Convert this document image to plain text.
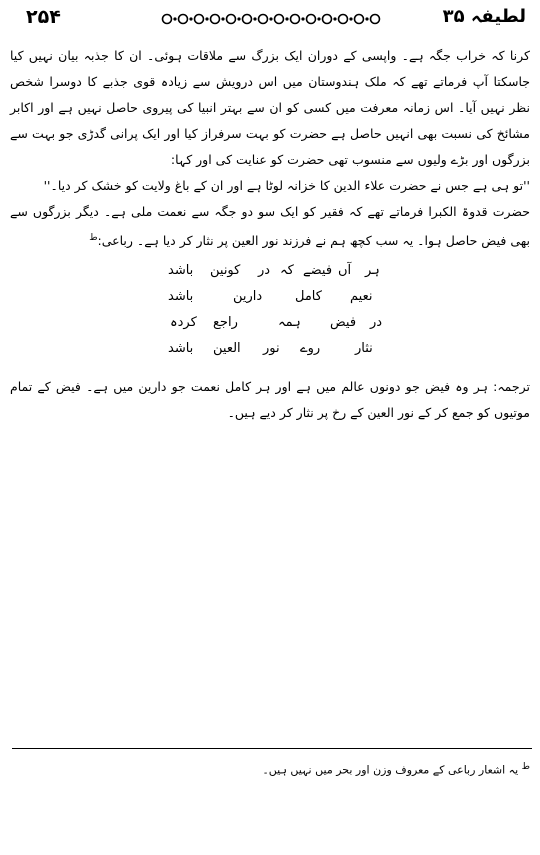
۲۵۴	لطیفہ ۳۵

کرنا کہ خراب جگہ ہے۔ واپسی کے دوران ایک بزرگ سے ملاقات ہوئی۔ ان کا جذبہ بیان نہیں کیا جاسکتا آپ فرماتے تھے کہ ملک ہندوستان میں اس درویش سے زیادہ قوی جذبے کا دوسرا شخص نظر نہیں آیا۔ اس زمانہ معرفت میں کسی کو ان سے بہتر انبیا کی پیروی حاصل نہیں ہے اور اکابر مشائخ کی نسبت بھی انہیں حاصل ہے حضرت کو بہت سرفراز کیا اور ایک پرانی گدڑی جو بہت سے بزرگوں اور بڑے ولیوں سے منسوب تھی حضرت کو عنایت کی اور کہا:

''تو ہی ہے جس نے حضرت علاء الدین کا خزانہ لوٹا ہے اور ان کے باغ ولایت کو خشک کر دیا۔''

حضرت قدوۃ الکبرا فرماتے تھے کہ فقیر کو ایک سو دو جگہ سے نعمت ملی ہے۔ دیگر بزرگوں سے بھی فیض حاصل ہوا۔ یہ سب کچھ ہم نے فرزند نور العین پر نثار کر دیا ہے۔ رباعی:$^ط$

ہر
آں
فیضے
کہ
در
کونین
باشد
نعیم
کامل
دارین
باشد
در
فیض
ہمہ
راجع
کردہ
نثار
روے
نور
العین
باشد

ترجمہ: ہر وہ فیض جو دونوں عالم میں ہے اور ہر کامل نعمت جو دارین میں ہے۔ فیض کے تمام موتیوں کو جمع کر کے نور العین کے رخ پر نثار کر دیے ہیں۔

$^ط$ یہ اشعار رباعی کے معروف وزن اور بحر میں نہیں ہیں۔
